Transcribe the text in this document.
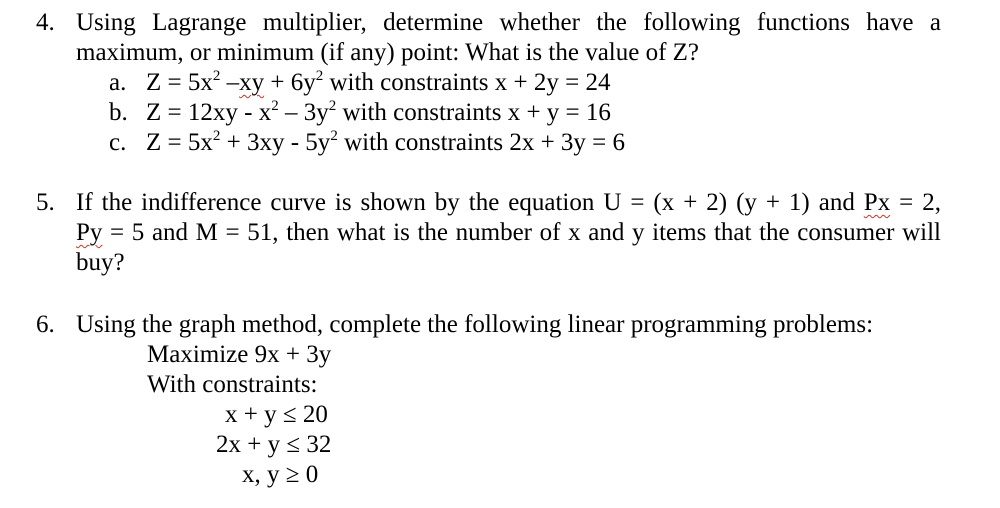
4. Using Lagrange multiplier, determine whether the following functions have a
maximum, or minimum (if any) point: What is the value of Z?
a. $Z = 5x^2$ $-xy + 6y^2$ with constraints x + 2y = 24
b. $Z = 12xy - x^2 - 3y^2$ with constraints x + y = 16
c. $Z = 5x^2 + 3xy - 5y^2$ with constraints 2x + 3y = 6
5. If the indifference curve is shown by the equation U = (x + 2) (y + 1) and Px = 2,
Py = 5 and M = 51, then what is the number of x and y items that the consumer will
buy?
6. Using the graph method, complete the following linear programming problems:
Maximize 9x + 3y
With constraints:
x + y ≤ 20
2x + y ≤ 32
x, y ≥ 0
